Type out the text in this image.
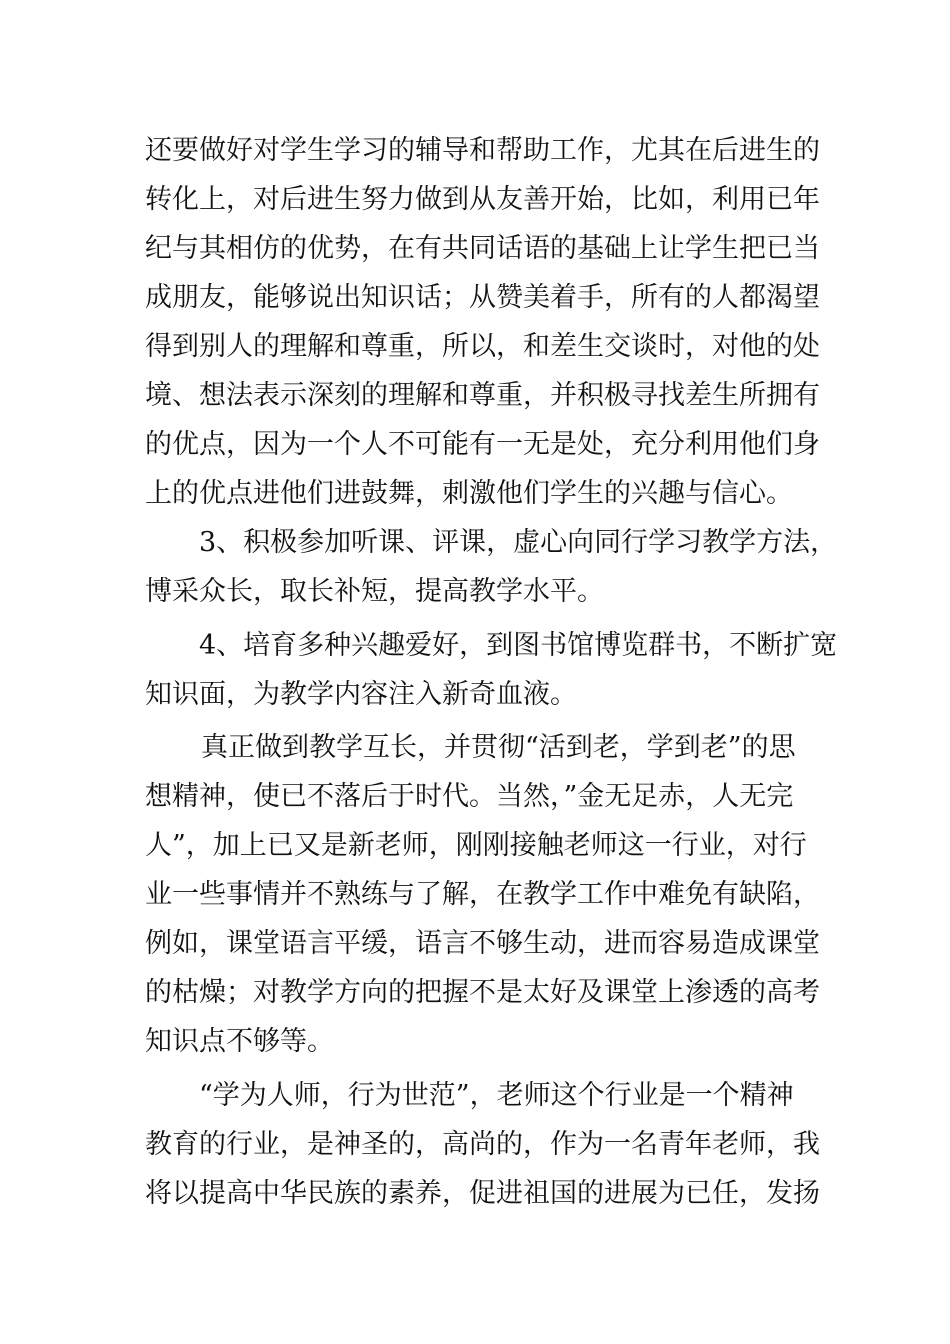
还要做好对学生学习的辅导和帮助工作，尤其在后进生的

转化上，对后进生努力做到从友善开始，比如，利用已年

纪与其相仿的优势，在有共同话语的基础上让学生把已当

成朋友，能够说出知识话；从赞美着手，所有的人都渴望

得到别人的理解和尊重，所以，和差生交谈时，对他的处

境、想法表示深刻的理解和尊重，并积极寻找差生所拥有

的优点，因为一个人不可能有一无是处，充分利用他们身

上的优点进他们进鼓舞，刺激他们学生的兴趣与信心。

3、积极参加听课、评课，虚心向同行学习教学方法，

博采众长，取长补短，提高教学水平。

4、培育多种兴趣爱好，到图书馆博览群书，不断扩宽

知识面，为教学内容注入新奇血液。

真正做到教学互长，并贯彻“活到老，学到老”的思

想精神，使已不落后于时代。当然，”金无足赤，人无完

人”，加上已又是新老师，刚刚接触老师这一行业，对行

业一些事情并不熟练与了解，在教学工作中难免有缺陷，

例如，课堂语言平缓，语言不够生动，进而容易造成课堂

的枯燥；对教学方向的把握不是太好及课堂上渗透的高考

知识点不够等。

“学为人师，行为世范”，老师这个行业是一个精神

教育的行业，是神圣的，高尚的，作为一名青年老师，我

将以提高中华民族的素养，促进祖国的进展为已任，发扬
